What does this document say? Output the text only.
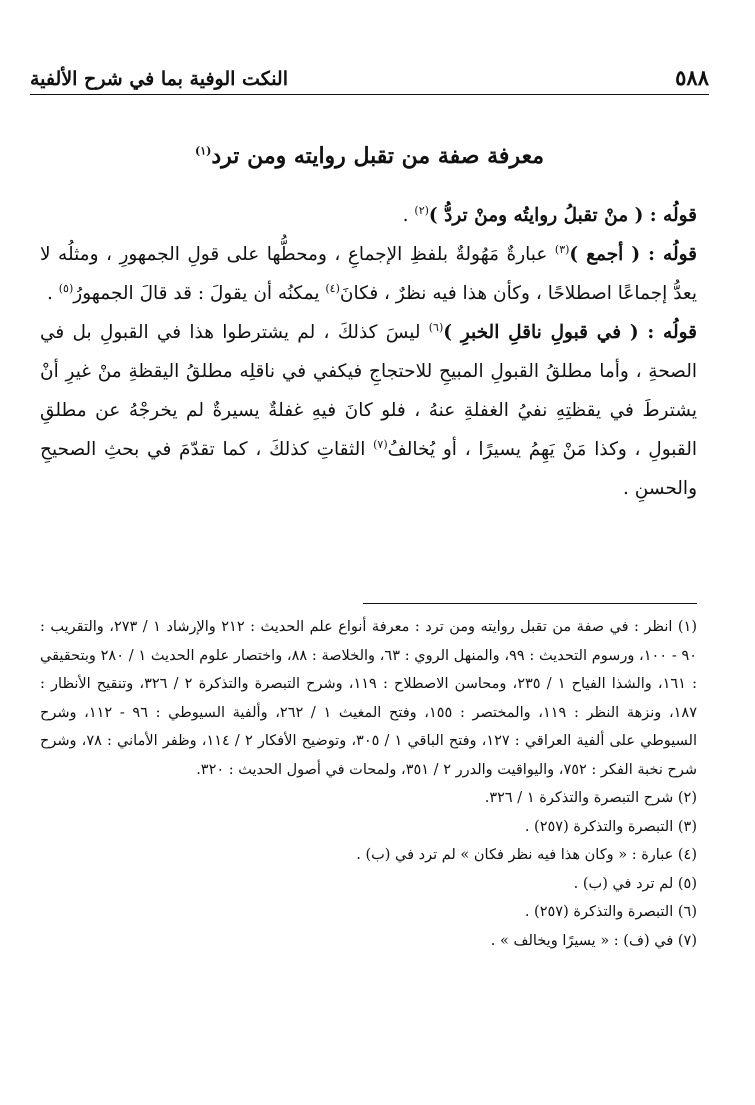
٥٨٨
النكت الوفية بما في شرح الألفية
معرفة صفة من تقبل روايته ومن ترد$^{(١)}$

قولُه : ( منْ تقبلُ روايتُه ومنْ تردُّ )$^{(٢)}$ .

قولُه : ( أجمع )$^{(٣)}$ عبارةٌ مَهُولةٌ بلفظِ الإجماعِ ، ومحطُّها على قولِ الجمهورِ ، ومثلُه لا يعدُّ إجماعًا اصطلاحًا ، وكأن هذا فيه نظرٌ ، فكانَ$^{(٤)}$ يمكنُه أن يقولَ : قد قالَ الجمهورُ$^{(٥)}$ .

قولُه : ( في قبولِ ناقلِ الخبرِ )$^{(٦)}$ ليسَ كذلكَ ، لم يشترطوا هذا في القبولِ بل في الصحةِ ، وأما مطلقُ القبولِ المبيحِ للاحتجاجِ فيكفي في ناقلِه مطلقُ اليقظةِ منْ غيرِ أنْ يشترطَ في يقظتِهِ نفيُ الغفلةِ عنهُ ، فلو كانَ فيهِ غفلةٌ يسيرةٌ لم يخرجْهُ عن مطلقِ القبولِ ، وكذا مَنْ يَهِمُ يسيرًا ، أو يُخالفُ$^{(٧)}$ الثقاتِ كذلكَ ، كما تقدّمَ في بحثِ الصحيحِ والحسنِ .

(١) انظر : في صفة من تقبل روايته ومن ترد : معرفة أنواع علم الحديث : ٢١٢ والإرشاد ١ / ٢٧٣، والتقريب : ٩٠ - ١٠٠، ورسوم التحديث : ٩٩، والمنهل الروي : ٦٣، والخلاصة : ٨٨، واختصار علوم الحديث ١ / ٢٨٠ وبتحقيقي : ١٦١، والشذا الفياح ١ / ٢٣٥، ومحاسن الاصطلاح : ١١٩، وشرح التبصرة والتذكرة ٢ / ٣٢٦، وتنقيح الأنظار : ١٨٧، ونزهة النظر : ١١٩، والمختصر : ١٥٥، وفتح المغيث ١ / ٢٦٢، وألفية السيوطي : ٩٦ - ١١٢، وشرح السيوطي على ألفية العراقي : ١٢٧، وفتح الباقي ١ / ٣٠٥، وتوضيح الأفكار ٢ / ١١٤، وظفر الأماني : ٧٨، وشرح شرح نخبة الفكر : ٧٥٢، واليواقيت والدرر ٢ / ٣٥١، ولمحات في أصول الحديث : ٣٢٠.

(٢) شرح التبصرة والتذكرة ١ / ٣٢٦.

(٣) التبصرة والتذكرة (٢٥٧) .

(٤) عبارة : « وكان هذا فيه نظر فكان » لم ترد في (ب) .

(٥) لم ترد في (ب) .

(٦) التبصرة والتذكرة (٢٥٧) .

(٧) في (ف) : « يسيرًا ويخالف » .
